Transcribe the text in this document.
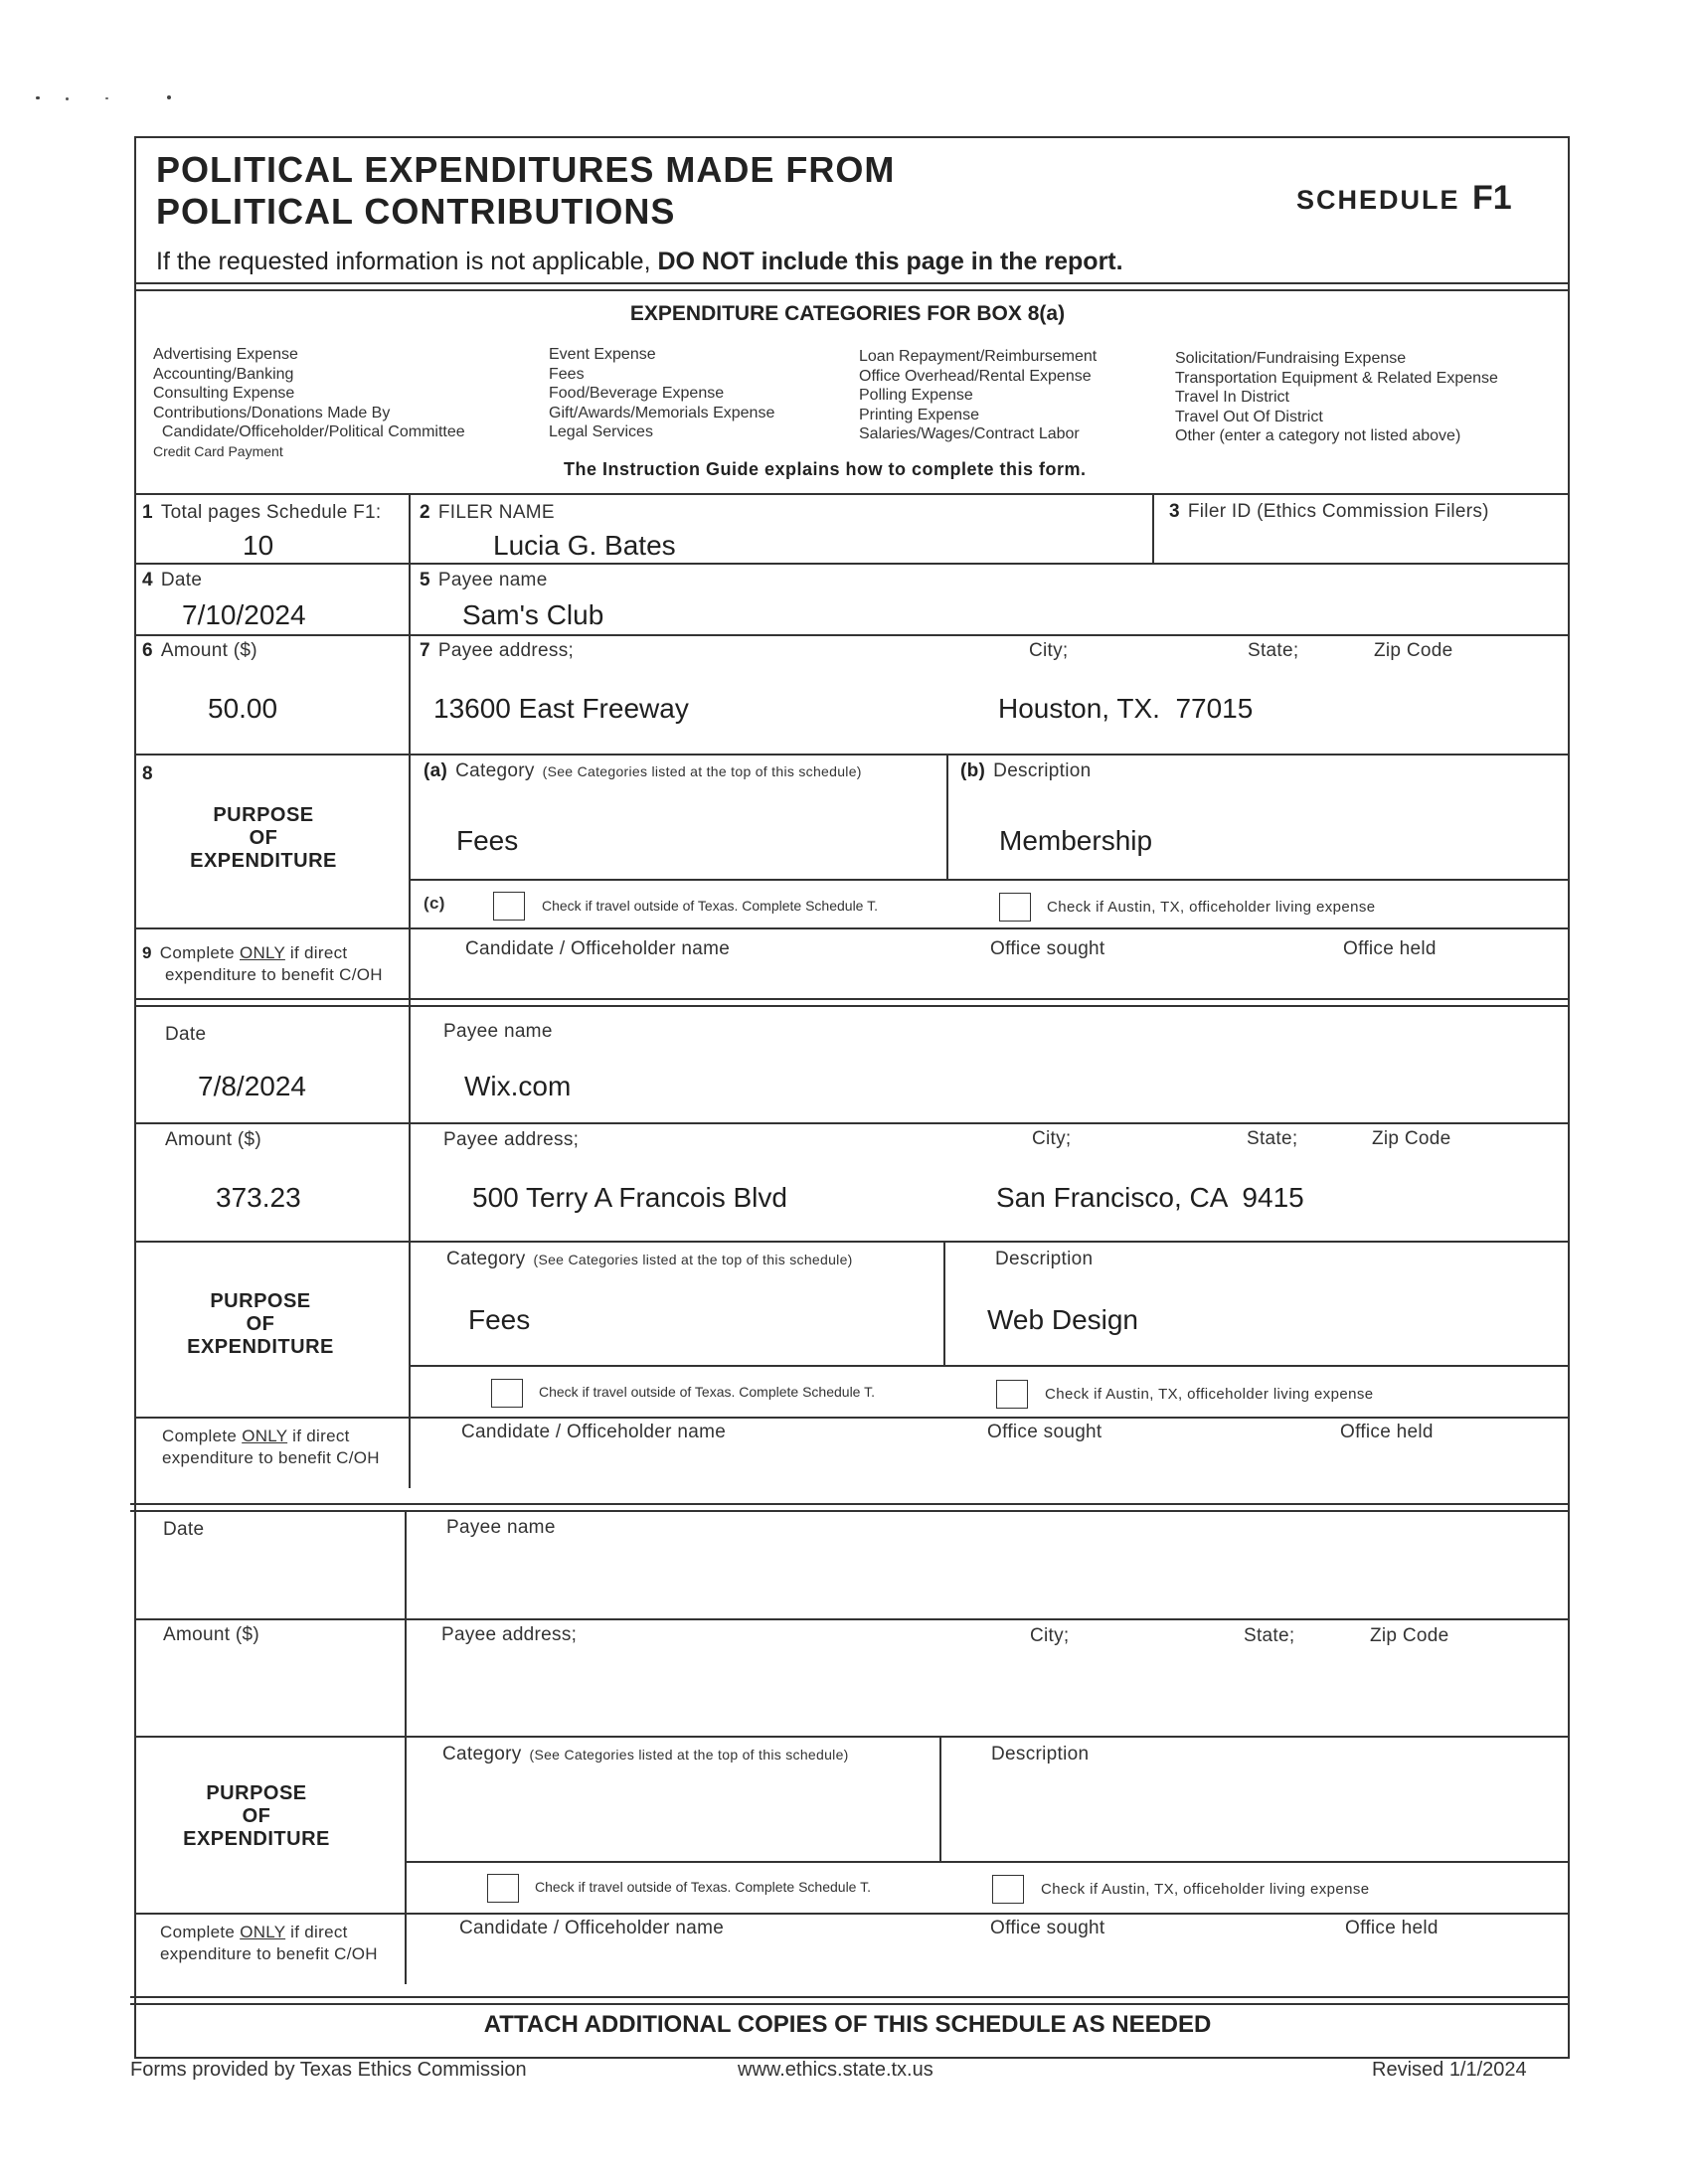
POLITICAL EXPENDITURES MADE FROM
POLITICAL CONTRIBUTIONS	SCHEDULE F1
If the requested information is not applicable, DO NOT include this page in the report.
EXPENDITURE CATEGORIES FOR BOX 8(a)
Advertising Expense
Accounting/Banking
Consulting Expense
Contributions/Donations Made By
Candidate/Officeholder/Political Committee
Credit Card Payment
Event Expense
Fees
Food/Beverage Expense
Gift/Awards/Memorials Expense
Legal Services
Loan Repayment/Reimbursement
Office Overhead/Rental Expense
Polling Expense
Printing Expense
Salaries/Wages/Contract Labor
Solicitation/Fundraising Expense
Transportation Equipment & Related Expense
Travel In District
Travel Out Of District
Other (enter a category not listed above)
The Instruction Guide explains how to complete this form.
1 Total pages Schedule F1:
10
2 FILER NAME
Lucia G. Bates
3 Filer ID (Ethics Commission Filers)
4 Date
7/10/2024
5 Payee name
Sam's Club
6 Amount ($)
50.00
7 Payee address;	City;	State;	Zip Code
13600 East Freeway	Houston, TX.  77015
8
PURPOSE
OF
EXPENDITURE
(a) Category (See Categories listed at the top of this schedule)	(b) Description
Fees	Membership
(c)	Check if travel outside of Texas. Complete Schedule T.	Check if Austin, TX, officeholder living expense
9 Complete ONLY if direct
expenditure to benefit C/OH
Candidate / Officeholder name	Office sought	Office held
Date
7/8/2024
Payee name
Wix.com
Amount ($)
373.23
Payee address;	City;	State;	Zip Code
500 Terry A Francois Blvd	San Francisco, CA  9415
PURPOSE
OF
EXPENDITURE
Category (See Categories listed at the top of this schedule)	Description
Fees	Web Design
Check if travel outside of Texas. Complete Schedule T.	Check if Austin, TX, officeholder living expense
Complete ONLY if direct
expenditure to benefit C/OH
Candidate / Officeholder name	Office sought	Office held
Date	Payee name
Amount ($)	Payee address;	City;	State;	Zip Code
PURPOSE
OF
EXPENDITURE
Category (See Categories listed at the top of this schedule)	Description
Check if travel outside of Texas. Complete Schedule T.	Check if Austin, TX, officeholder living expense
Complete ONLY if direct
expenditure to benefit C/OH
Candidate / Officeholder name	Office sought	Office held
ATTACH ADDITIONAL COPIES OF THIS SCHEDULE AS NEEDED
Forms provided by Texas Ethics Commission	www.ethics.state.tx.us	Revised 1/1/2024
